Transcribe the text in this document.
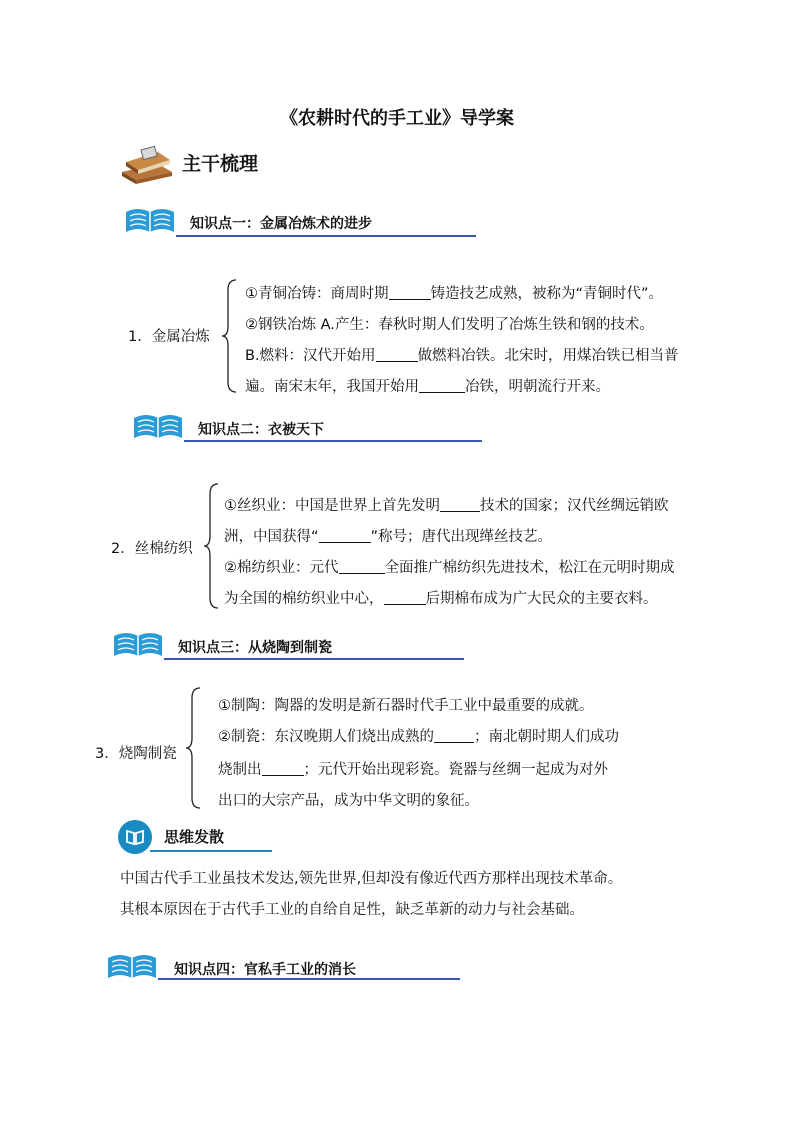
《农耕时代的手工业》导学案
主干梳理
知识点一：金属冶炼术的进步
1．金属冶炼
①青铜冶铸：商周时期	铸造技艺成熟，被称为“青铜时代”。
②钢铁冶炼 A.产生：春秋时期人们发明了冶炼生铁和钢的技术。
B.燃料：汉代开始用	做燃料冶铁。北宋时，用煤冶铁已相当普
遍。南宋末年，我国开始用	冶铁，明朝流行开来。
知识点二：衣被天下
2．丝棉纺织
①丝织业：中国是世界上首先发明	技术的国家；汉代丝绸远销欧
洲，中国获得“	”称号；唐代出现缂丝技艺。
②棉纺织业：元代	全面推广棉纺织先进技术，松江在元明时期成
为全国的棉纺织业中心，	后期棉布成为广大民众的主要衣料。
知识点三：从烧陶到制瓷
3．烧陶制瓷
①制陶：陶器的发明是新石器时代手工业中最重要的成就。
②制瓷：东汉晚期人们烧出成熟的	；南北朝时期人们成功
烧制出	；元代开始出现彩瓷。瓷器与丝绸一起成为对外
出口的大宗产品，成为中华文明的象征。
思维发散
中国古代手工业虽技术发达,领先世界,但却没有像近代西方那样出现技术革命。
其根本原因在于古代手工业的自给自足性，缺乏革新的动力与社会基础。
知识点四：官私手工业的消长
